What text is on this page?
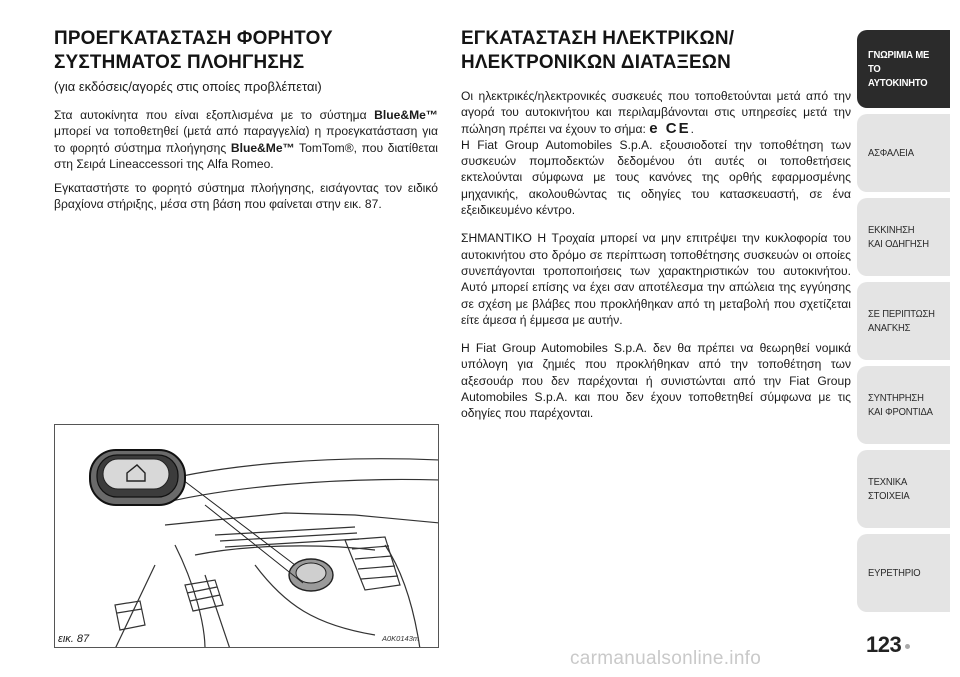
ΠΡΟΕΓΚΑΤΑΣΤΑΣΗ ΦΟΡΗΤΟΥ
ΣΥΣΤΗΜΑΤΟΣ ΠΛΟΗΓΗΣΗΣ
(για εκδόσεις/αγορές στις οποίες προβλέπεται)

Στα αυτοκίνητα που είναι εξοπλισμένα με το σύστημα Blue&Me™ μπορεί να τοποθετηθεί (μετά από παραγγελία) η προεγκατάσταση για το φορητό σύστημα πλοήγησης Blue&Me™ TomTom®, που διατίθεται στη Σειρά Lineaccessori της Alfa Romeo.

Εγκαταστήστε το φορητό σύστημα πλοήγησης, εισάγοντας τον ειδικό βραχίονα στήριξης, μέσα στη βάση που φαίνεται στην εικ. 87.

εικ. 87	A0K0143m
ΕΓΚΑΤΑΣΤΑΣΗ ΗΛΕΚΤΡΙΚΩΝ/
ΗΛΕΚΤΡΟΝΙΚΩΝ ΔΙΑΤΑΞΕΩΝ

Οι ηλεκτρικές/ηλεκτρονικές συσκευές που τοποθετούνται μετά από την αγορά του αυτοκινήτου και περιλαμβάνονται στις υπηρεσίες μετά την πώληση πρέπει να έχουν το σήμα: e CE.

Η Fiat Group Automobiles S.p.A. εξουσιοδοτεί την τοποθέτηση των συσκευών πομποδεκτών δεδομένου ότι αυτές οι τοποθετήσεις εκτελούνται σύμφωνα με τους κανόνες της ορθής εφαρμοσμένης μηχανικής, ακολουθώντας τις οδηγίες του κατασκευαστή, σε ένα εξειδικευμένο κέντρο.

ΣΗΜΑΝΤΙΚΟ Η Τροχαία μπορεί να μην επιτρέψει την κυκλοφορία του αυτοκινήτου στο δρόμο σε περίπτωση τοποθέτησης συσκευών οι οποίες συνεπάγονται τροποποιήσεις των χαρακτηριστικών του αυτοκινήτου. Αυτό μπορεί επίσης να έχει σαν αποτέλεσμα την απώλεια της εγγύησης σε σχέση με βλάβες που προκλήθηκαν από τη μεταβολή που σχετίζεται είτε άμεσα ή έμμεσα με αυτήν.

Η Fiat Group Automobiles S.p.A. δεν θα πρέπει να θεωρηθεί νομικά υπόλογη για ζημιές που προκλήθηκαν από την τοποθέτηση των αξεσουάρ που δεν παρέχονται ή συνιστώνται από την Fiat Group Automobiles S.p.A. και που δεν έχουν τοποθετηθεί σύμφωνα με τις οδηγίες που παρέχονται.

ΓΝΩΡΙΜΙΑ ΜΕ ΤΟ
ΑΥΤΟΚΙΝΗΤΟ
ΑΣΦΑΛΕΙΑ
ΕΚΚΙΝΗΣΗ
ΚΑΙ ΟΔΗΓΗΣΗ
ΣΕ ΠΕΡΙΠΤΩΣΗ
ΑΝΑΓΚΗΣ
ΣΥΝΤΗΡΗΣΗ
ΚΑΙ ΦΡΟΝΤΙΔΑ
ΤΕΧΝΙΚΑ
ΣΤΟΙΧΕΙΑ
ΕΥΡΕΤΗΡΙΟ
123
carmanualsonline.info
